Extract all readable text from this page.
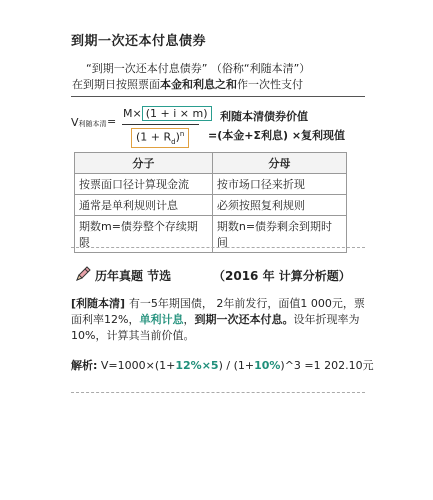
到期一次还本付息债券
“到期一次还本付息债券” （俗称“利随本清”）
在到期日按照票面本金和利息之和作一次性支付
V利随本清 =
M× (1 + i × m)
$(1 + R_d)^n$
利随本清债券价值
=(本金+Σ利息) ×复利现值
分子	分母
按票面口径计算现金流	按市场口径来折现
通常是单利规则计息	必须按照复利规则
期数m=债券整个存续期限	期数n=债券剩余到期时间
历年真题 节选	（2016 年 计算分析题）
[利随本清] 有一5年期国债， 2年前发行，面值1 000元，票面利率12%，单利计息，到期一次还本付息。设年折现率为10%，计算其当前价值。
解析: V=1000×(1+12%×5) / (1+10%)^3 =1 202.10元
